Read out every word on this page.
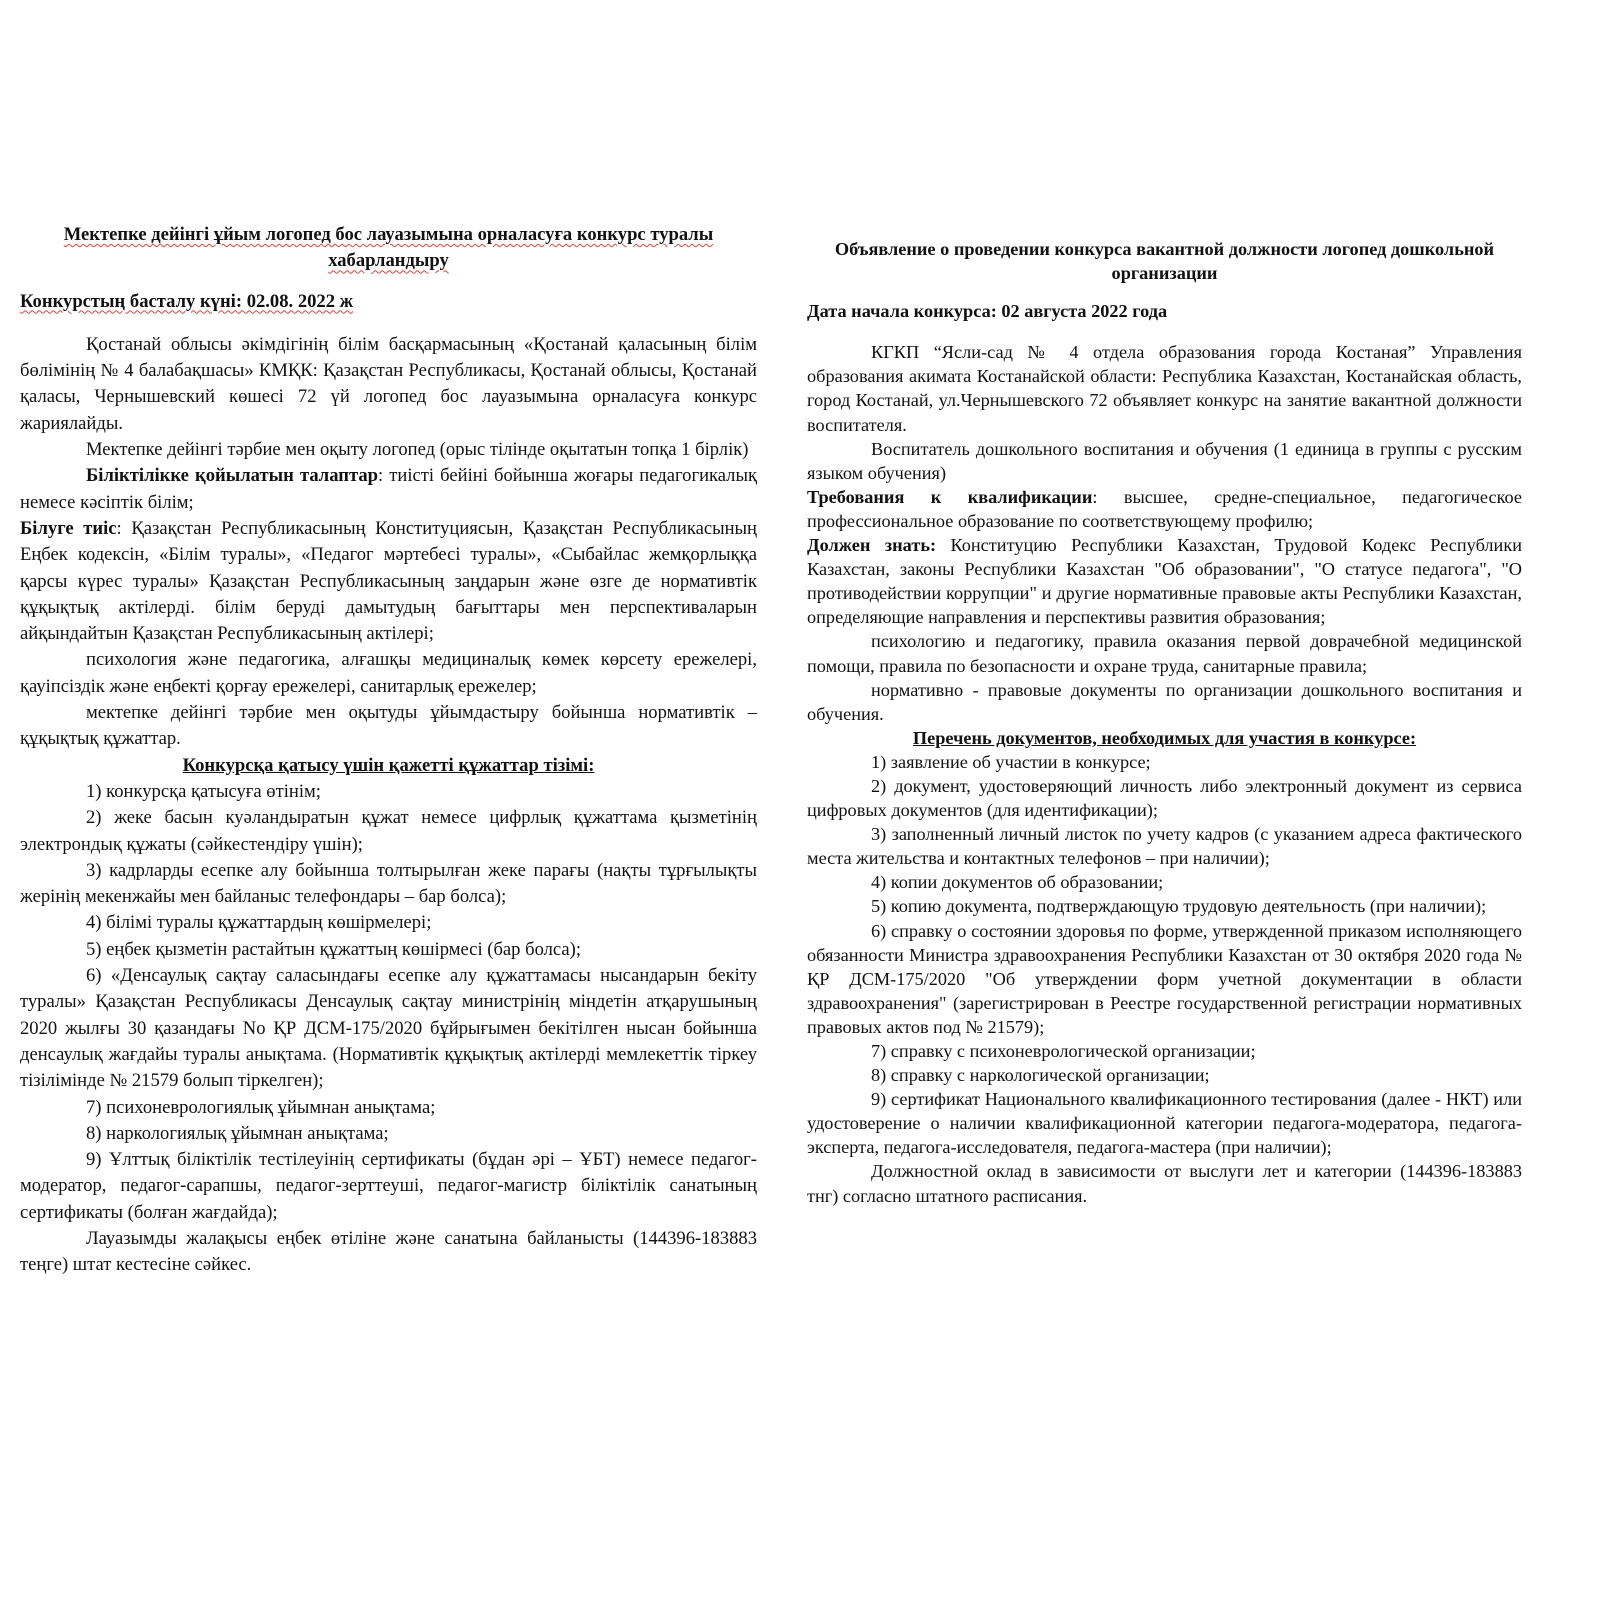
Мектепке дейінгі ұйым логопед бос лауазымына орналасуға конкурс туралы хабарландыру

Конкурстың басталу күні: 02.08. 2022 ж

Қостанай облысы әкімдігінің білім басқармасының «Қостанай қаласының білім бөлімінің № 4 балабақшасы» КМҚК: Қазақстан Республикасы, Қостанай облысы, Қостанай қаласы, Чернышевский көшесі 72 үй логопед бос лауазымына орналасуға конкурс жариялайды.

Мектепке дейінгі тәрбие мен оқыту логопед (орыс тілінде оқытатын топқа 1 бірлік)

Біліктілікке қойылатын талаптар: тиісті бейіні бойынша жоғары педагогикалық немесе кәсіптік білім;

Білуге тиіс: Қазақстан Республикасының Конституциясын, Қазақстан Республикасының Еңбек кодексін, «Білім туралы», «Педагог мәртебесі туралы», «Сыбайлас жемқорлыққа қарсы күрес туралы» Қазақстан Республикасының заңдарын және өзге де нормативтік құқықтық актілерді. білім беруді дамытудың бағыттары мен перспективаларын айқындайтын Қазақстан Республикасының актілері;

психология және педагогика, алғашқы медициналық көмек көрсету ережелері, қауіпсіздік және еңбекті қорғау ережелері, санитарлық ережелер;

мектепке дейінгі тәрбие мен оқытуды ұйымдастыру бойынша нормативтік – құқықтық құжаттар.

Конкурсқа қатысу үшін қажетті құжаттар тізімі:

1) конкурсқа қатысуға өтінім;

2) жеке басын куәландыратын құжат немесе цифрлық құжаттама қызметінің электрондық құжаты (сәйкестендіру үшін);

3) кадрларды есепке алу бойынша толтырылған жеке парағы (нақты тұрғылықты жерінің мекенжайы мен байланыс телефондары – бар болса);

4) білімі туралы құжаттардың көшірмелері;

5) еңбек қызметін растайтын құжаттың көшірмесі (бар болса);

6) «Денсаулық сақтау саласындағы есепке алу құжаттамасы нысандарын бекіту туралы» Қазақстан Республикасы Денсаулық сақтау министрінің міндетін атқарушының 2020 жылғы 30 қазандағы No ҚР ДСМ-175/2020 бұйрығымен бекітілген нысан бойынша денсаулық жағдайы туралы анықтама. (Нормативтік құқықтық актілерді мемлекеттік тіркеу тізілімінде № 21579 болып тіркелген);

7) психоневрологиялық ұйымнан анықтама;

8) наркологиялық ұйымнан анықтама;

9) Ұлттық біліктілік тестілеуінің сертификаты (бұдан әрі – ҰБТ) немесе педагог-модератор, педагог-сарапшы, педагог-зерттеуші, педагог-магистр біліктілік санатының сертификаты (болған жағдайда);

Лауазымды жалақысы еңбек өтіліне және санатына байланысты (144396-183883 теңге) штат кестесіне сәйкес.

Объявление о проведении конкурса вакантной должности логопед дошкольной организации

Дата начала конкурса: 02 августа 2022 года

КГКП “Ясли-сад № 4 отдела образования города Костаная” Управления образования акимата Костанайской области: Республика Казахстан, Костанайская область, город Костанай, ул.Чернышевского 72 объявляет конкурс на занятие вакантной должности воспитателя.

Воспитатель дошкольного воспитания и обучения (1 единица в группы с русским языком обучения)

Требования к квалификации: высшее, средне-специальное, педагогическое профессиональное образование по соответствующему профилю;

Должен знать: Конституцию Республики Казахстан, Трудовой Кодекс Республики Казахстан, законы Республики Казахстан "Об образовании", "О статусе педагога", "О противодействии коррупции" и другие нормативные правовые акты Республики Казахстан, определяющие направления и перспективы развития образования;

психологию и педагогику, правила оказания первой доврачебной медицинской помощи, правила по безопасности и охране труда, санитарные правила;

нормативно - правовые документы по организации дошкольного воспитания и обучения.

Перечень документов, необходимых для участия в конкурсе:

1) заявление об участии в конкурсе;

2) документ, удостоверяющий личность либо электронный документ из сервиса цифровых документов (для идентификации);

3) заполненный личный листок по учету кадров (с указанием адреса фактического места жительства и контактных телефонов – при наличии);

4) копии документов об образовании;

5) копию документа, подтверждающую трудовую деятельность (при наличии);

6) справку о состоянии здоровья по форме, утвержденной приказом исполняющего обязанности Министра здравоохранения Республики Казахстан от 30 октября 2020 года № ҚР ДСМ-175/2020 "Об утверждении форм учетной документации в области здравоохранения" (зарегистрирован в Реестре государственной регистрации нормативных правовых актов под № 21579);

7) справку с психоневрологической организации;

8) справку с наркологической организации;

9) сертификат Национального квалификационного тестирования (далее - НКТ) или удостоверение о наличии квалификационной категории педагога-модератора, педагога-эксперта, педагога-исследователя, педагога-мастера (при наличии);

Должностной оклад в зависимости от выслуги лет и категории (144396-183883 тнг) согласно штатного расписания.
